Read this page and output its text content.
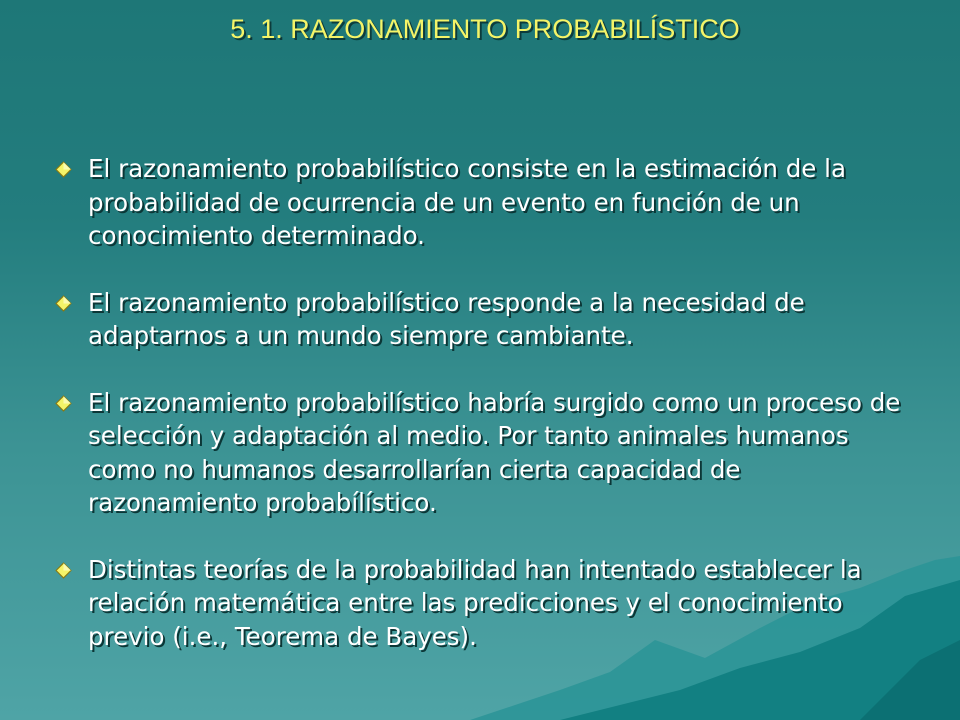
5. 1. RAZONAMIENTO PROBABILÍSTICO
El razonamiento probabilístico consiste en la estimación de la probabilidad de ocurrencia de un evento en función de un conocimiento determinado.
El razonamiento probabilístico responde a la necesidad de adaptarnos a un mundo siempre cambiante.
El razonamiento probabilístico habría surgido como un proceso de selección y adaptación al medio. Por tanto animales humanos como no humanos desarrollarían cierta capacidad de razonamiento probabílístico.
Distintas teorías de la probabilidad han intentado establecer la relación matemática entre las predicciones y el conocimiento previo (i.e., Teorema de Bayes).
